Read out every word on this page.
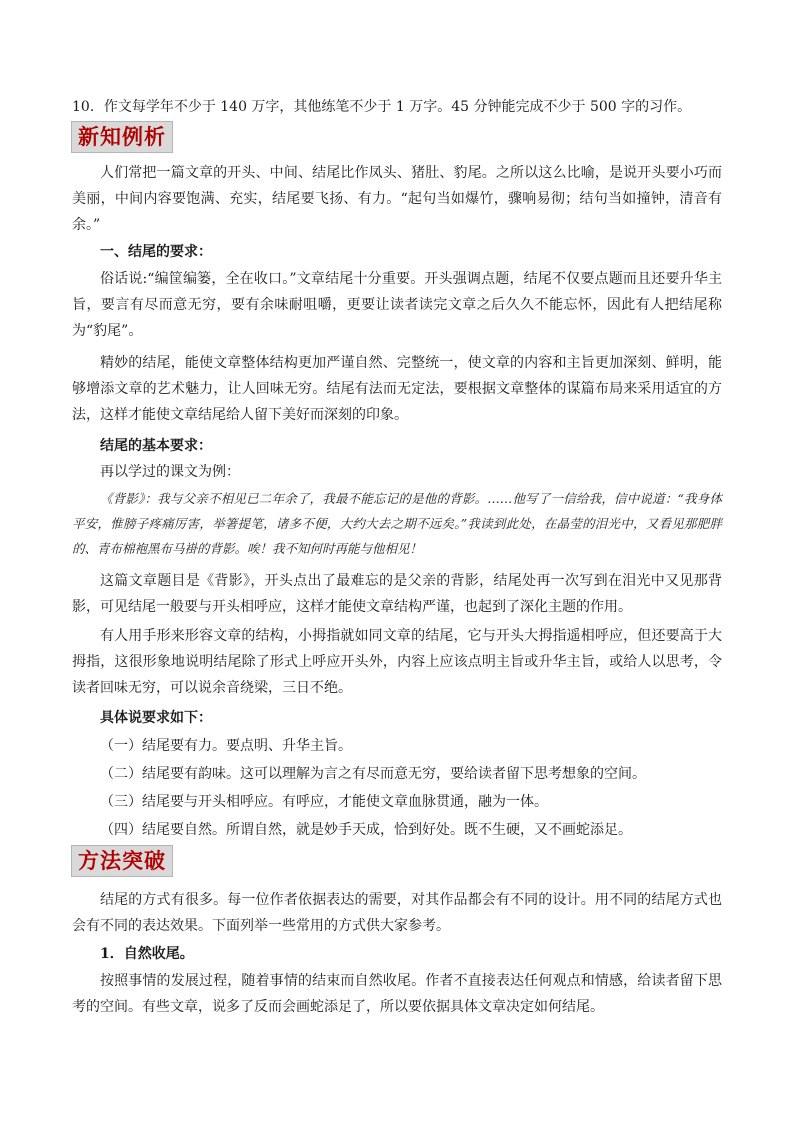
10．作文每学年不少于 140 万字，其他练笔不少于 1 万字。45 分钟能完成不少于 500 字的习作。

新知例析

人们常把一篇文章的开头、中间、结尾比作凤头、猪肚、豹尾。之所以这么比喻，是说开头要小巧而美丽，中间内容要饱满、充实，结尾要飞扬、有力。“起句当如爆竹，骤响易彻；结句当如撞钟，清音有余。”

一、结尾的要求：

俗话说:“编筐编篓，全在收口。”文章结尾十分重要。开头强调点题，结尾不仅要点题而且还要升华主旨，要言有尽而意无穷，要有余味耐咀嚼，更要让读者读完文章之后久久不能忘怀，因此有人把结尾称为“豹尾”。

精妙的结尾，能使文章整体结构更加严谨自然、完整统一，使文章的内容和主旨更加深刻、鲜明，能够增添文章的艺术魅力，让人回味无穷。结尾有法而无定法，要根据文章整体的谋篇布局来采用适宜的方法，这样才能使文章结尾给人留下美好而深刻的印象。

结尾的基本要求：

再以学过的课文为例：

《背影》：我与父亲不相见已二年余了，我最不能忘记的是他的背影。……他写了一信给我，信中说道：“我身体平安，惟膀子疼痛厉害，举箸提笔，诸多不便，大约大去之期不远矣。”我读到此处，在晶莹的泪光中，又看见那肥胖的、青布棉袍黑布马褂的背影。唉！我不知何时再能与他相见！

这篇文章题目是《背影》，开头点出了最难忘的是父亲的背影，结尾处再一次写到在泪光中又见那背影，可见结尾一般要与开头相呼应，这样才能使文章结构严谨，也起到了深化主题的作用。

有人用手形来形容文章的结构，小拇指就如同文章的结尾，它与开头大拇指遥相呼应，但还要高于大拇指，这很形象地说明结尾除了形式上呼应开头外，内容上应该点明主旨或升华主旨，或给人以思考，令读者回味无穷，可以说余音绕梁，三日不绝。

具体说要求如下：

（一）结尾要有力。要点明、升华主旨。

（二）结尾要有韵味。这可以理解为言之有尽而意无穷，要给读者留下思考想象的空间。

（三）结尾要与开头相呼应。有呼应，才能使文章血脉贯通，融为一体。

（四）结尾要自然。所谓自然，就是妙手天成，恰到好处。既不生硬，又不画蛇添足。

方法突破

结尾的方式有很多。每一位作者依据表达的需要，对其作品都会有不同的设计。用不同的结尾方式也会有不同的表达效果。下面列举一些常用的方式供大家参考。

1．自然收尾。

按照事情的发展过程，随着事情的结束而自然收尾。作者不直接表达任何观点和情感，给读者留下思考的空间。有些文章，说多了反而会画蛇添足了，所以要依据具体文章决定如何结尾。
